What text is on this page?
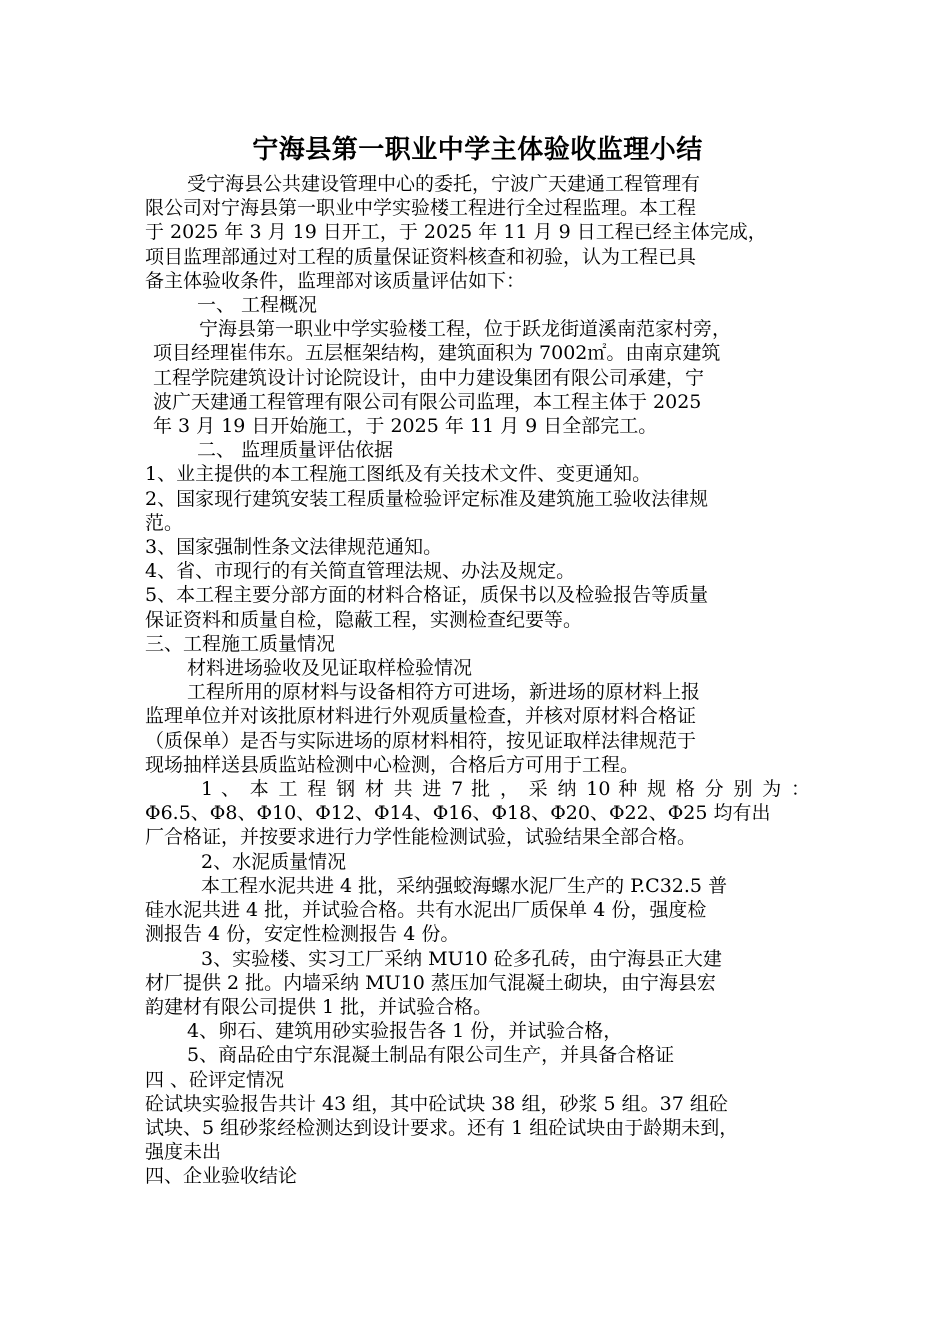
宁海县第一职业中学主体验收监理小结

受宁海县公共建设管理中心的委托，宁波广天建通工程管理有

限公司对宁海县第一职业中学实验楼工程进行全过程监理。本工程

于 2025 年 3 月 19 日开工，于 2025 年 11 月 9 日工程已经主体完成，

项目监理部通过对工程的质量保证资料核查和初验，认为工程已具

备主体验收条件，监理部对该质量评估如下：

一、 工程概况

宁海县第一职业中学实验楼工程，位于跃龙街道溪南范家村旁，

项目经理崔伟东。五层框架结构，建筑面积为 7002㎡。由南京建筑

工程学院建筑设计讨论院设计，由中力建设集团有限公司承建，宁

波广天建通工程管理有限公司有限公司监理，本工程主体于 2025

年 3 月 19 日开始施工，于 2025 年 11 月 9 日全部完工。

二、 监理质量评估依据

1、业主提供的本工程施工图纸及有关技术文件、变更通知。

2、国家现行建筑安装工程质量检验评定标准及建筑施工验收法律规

范。

3、国家强制性条文法律规范通知。

4、省、市现行的有关简直管理法规、办法及规定。

5、本工程主要分部方面的材料合格证，质保书以及检验报告等质量

保证资料和质量自检，隐蔽工程，实测检查纪要等。

三、工程施工质量情况

材料进场验收及见证取样检验情况

工程所用的原材料与设备相符方可进场，新进场的原材料上报

监理单位并对该批原材料进行外观质量检查，并核对原材料合格证

（质保单）是否与实际进场的原材料相符，按见证取样法律规范于

现场抽样送县质监站检测中心检测，合格后方可用于工程。

1 、 本 工 程 钢 材 共 进 7 批 ， 采 纳 10 种 规 格 分 别 为 ：

Φ6.5、Φ8、Φ10、Φ12、Φ14、Φ16、Φ18、Φ20、Φ22、Φ25 均有出

厂合格证，并按要求进行力学性能检测试验，试验结果全部合格。

2、水泥质量情况

本工程水泥共进 4 批，采纳强蛟海螺水泥厂生产的 P.C32.5 普

硅水泥共进 4 批，并试验合格。共有水泥出厂质保单 4 份，强度检

测报告 4 份，安定性检测报告 4 份。

3、实验楼、实习工厂采纳 MU10 砼多孔砖，由宁海县正大建

材厂提供 2 批。内墙采纳 MU10 蒸压加气混凝土砌块，由宁海县宏

韵建材有限公司提供 1 批，并试验合格。

4、卵石、建筑用砂实验报告各 1 份，并试验合格，

5、商品砼由宁东混凝土制品有限公司生产，并具备合格证

四 、砼评定情况

砼试块实验报告共计 43 组，其中砼试块 38 组，砂浆 5 组。37 组砼

试块、5 组砂浆经检测达到设计要求。还有 1 组砼试块由于龄期未到，

强度未出

四、企业验收结论
